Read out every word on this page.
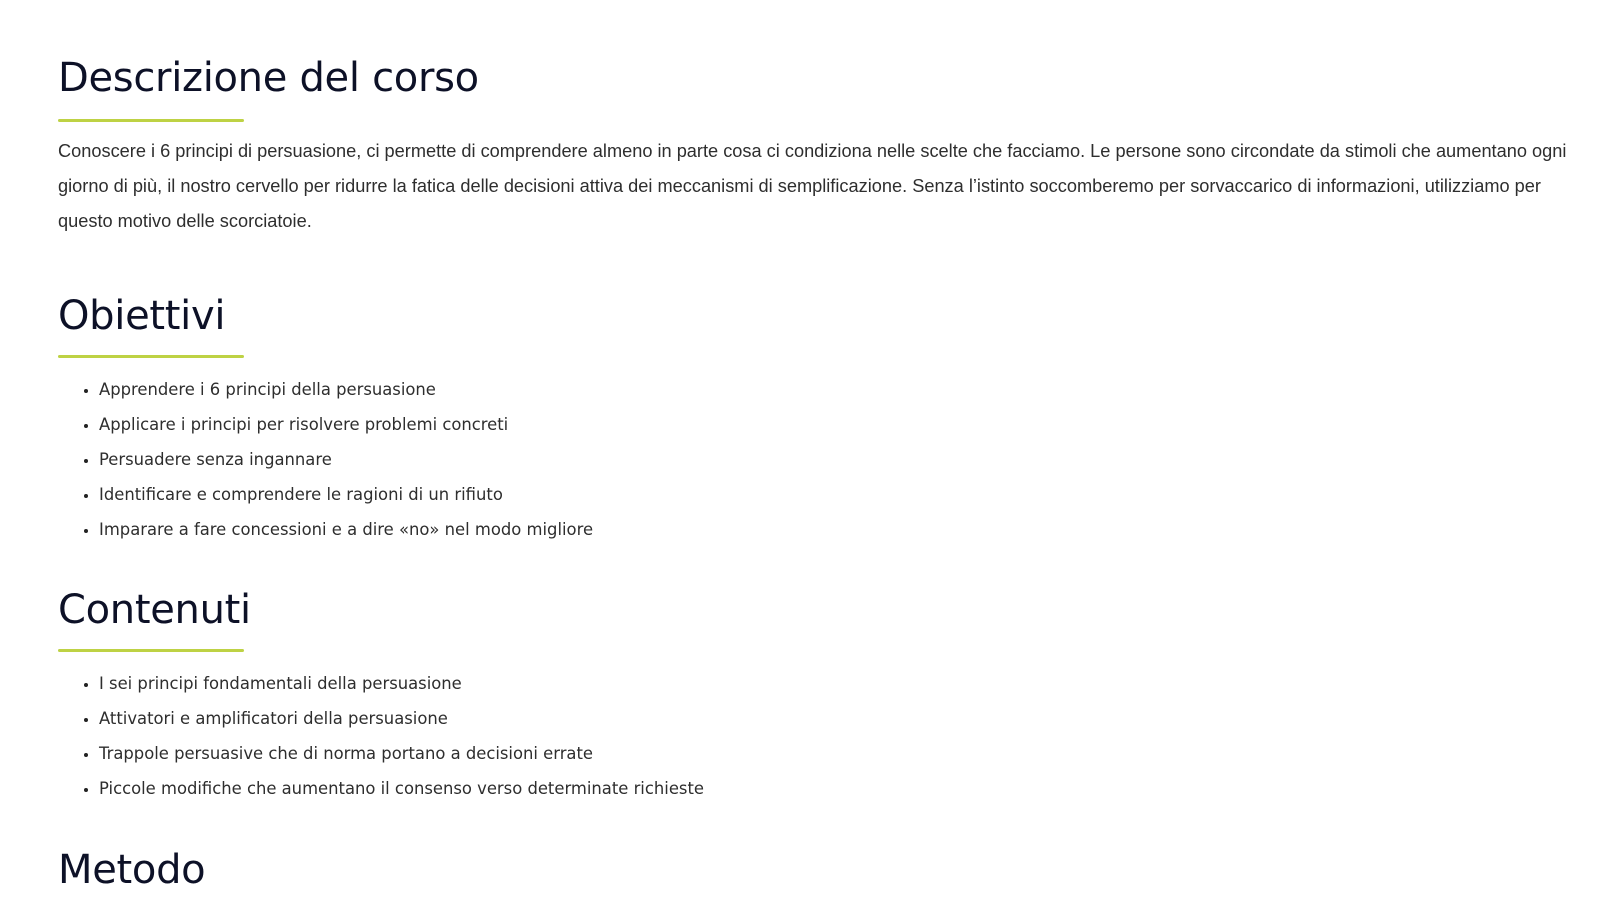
Descrizione del corso

Conoscere i 6 principi di persuasione, ci permette di comprendere almeno in parte cosa ci condiziona nelle scelte che facciamo. Le persone sono circondate da stimoli che aumentano ogni giorno di più, il nostro cervello per ridurre la fatica delle decisioni attiva dei meccanismi di semplificazione. Senza l’istinto soccomberemo per sorvaccarico di informazioni, utilizziamo per questo motivo delle scorciatoie.

Obiettivi
• Apprendere i 6 principi della persuasione
• Applicare i principi per risolvere problemi concreti
• Persuadere senza ingannare
• Identificare e comprendere le ragioni di un rifiuto
• Imparare a fare concessioni e a dire «no» nel modo migliore
Contenuti
• I sei principi fondamentali della persuasione
• Attivatori e amplificatori della persuasione
• Trappole persuasive che di norma portano a decisioni errate
• Piccole modifiche che aumentano il consenso verso determinate richieste
Metodo
